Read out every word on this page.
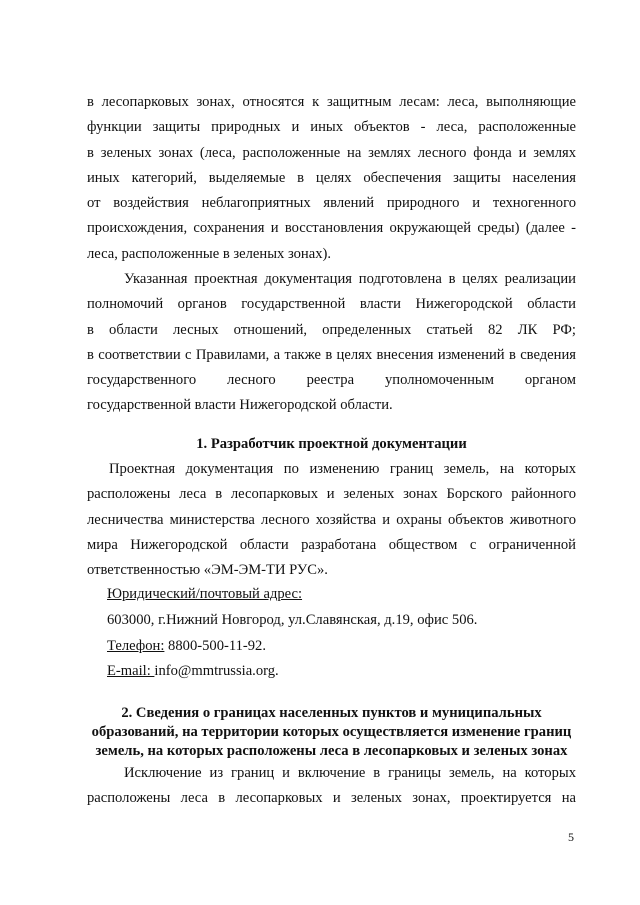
в лесопарковых зонах, относятся к защитным лесам: леса, выполняющие

функции защиты природных и иных объектов - леса, расположенные

в зеленых зонах (леса, расположенные на землях лесного фонда и землях

иных категорий, выделяемые в целях обеспечения защиты населения

от воздействия неблагоприятных явлений природного и техногенного

происхождения, сохранения и восстановления окружающей среды) (далее -

леса, расположенные в зеленых зонах).

Указанная проектная документация подготовлена в целях реализации

полномочий органов государственной власти Нижегородской области

в области лесных отношений, определенных статьей 82 ЛК РФ;

в соответствии с Правилами, а также в целях внесения изменений в сведения

государственного лесного реестра уполномоченным органом

государственной власти Нижегородской области.

1. Разработчик проектной документации

Проектная документация по изменению границ земель, на которых

расположены леса в лесопарковых и зеленых зонах Борского районного

лесничества министерства лесного хозяйства и охраны объектов животного

мира Нижегородской области разработана обществом с ограниченной

ответственностью «ЭМ-ЭМ-ТИ РУС».

Юридический/почтовый адрес:
603000, г.Нижний Новгород, ул.Славянская, д.19, офис 506.
Телефон: 8800-500-11-92.
E-mail: info@mmtrussia.org.
2. Сведения о границах населенных пунктов и муниципальных
образований, на территории которых осуществляется изменение границ
земель, на которых расположены леса в лесопарковых и зеленых зонах

Исключение из границ и включение в границы земель, на которых

расположены леса в лесопарковых и зеленых зонах, проектируется на

5
